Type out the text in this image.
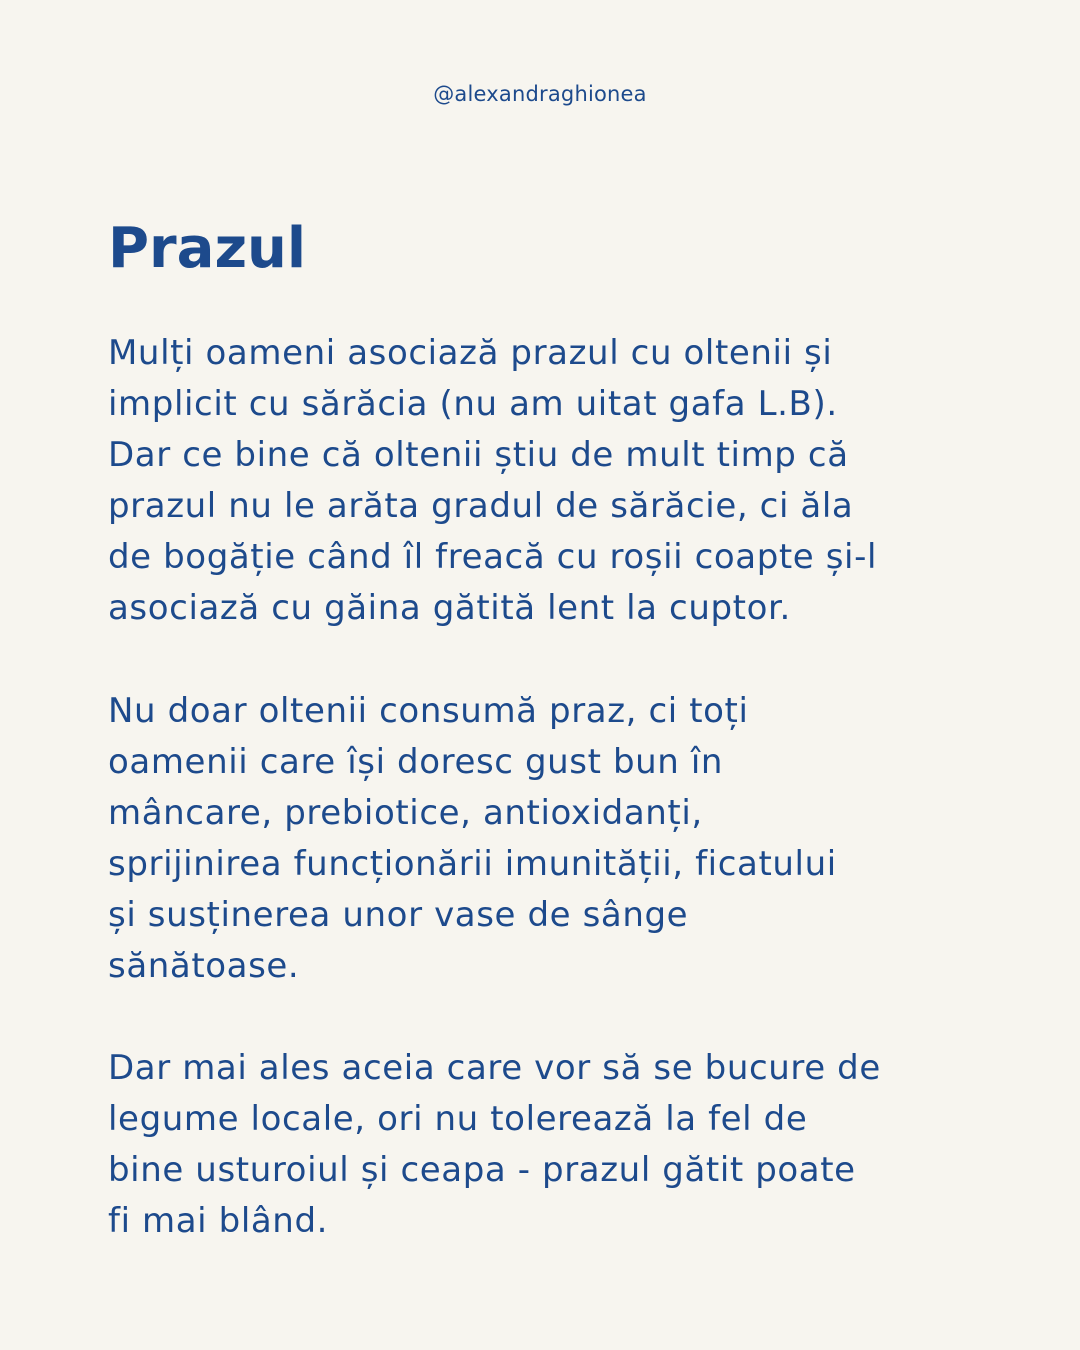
@alexandraghionea
Prazul

Mulți oameni asociază prazul cu oltenii și
implicit cu sărăcia (nu am uitat gafa L.B).
Dar ce bine că oltenii știu de mult timp că
prazul nu le arăta gradul de sărăcie, ci ăla
de bogăție când îl freacă cu roșii coapte și-l
asociază cu găina gătită lent la cuptor.

Nu doar oltenii consumă praz, ci toți
oamenii care își doresc gust bun în
mâncare, prebiotice, antioxidanți,
sprijinirea funcționării imunității, ficatului
și susținerea unor vase de sânge
sănătoase.

Dar mai ales aceia care vor să se bucure de
legume locale, ori nu tolerează la fel de
bine usturoiul și ceapa - prazul gătit poate
fi mai blând.
